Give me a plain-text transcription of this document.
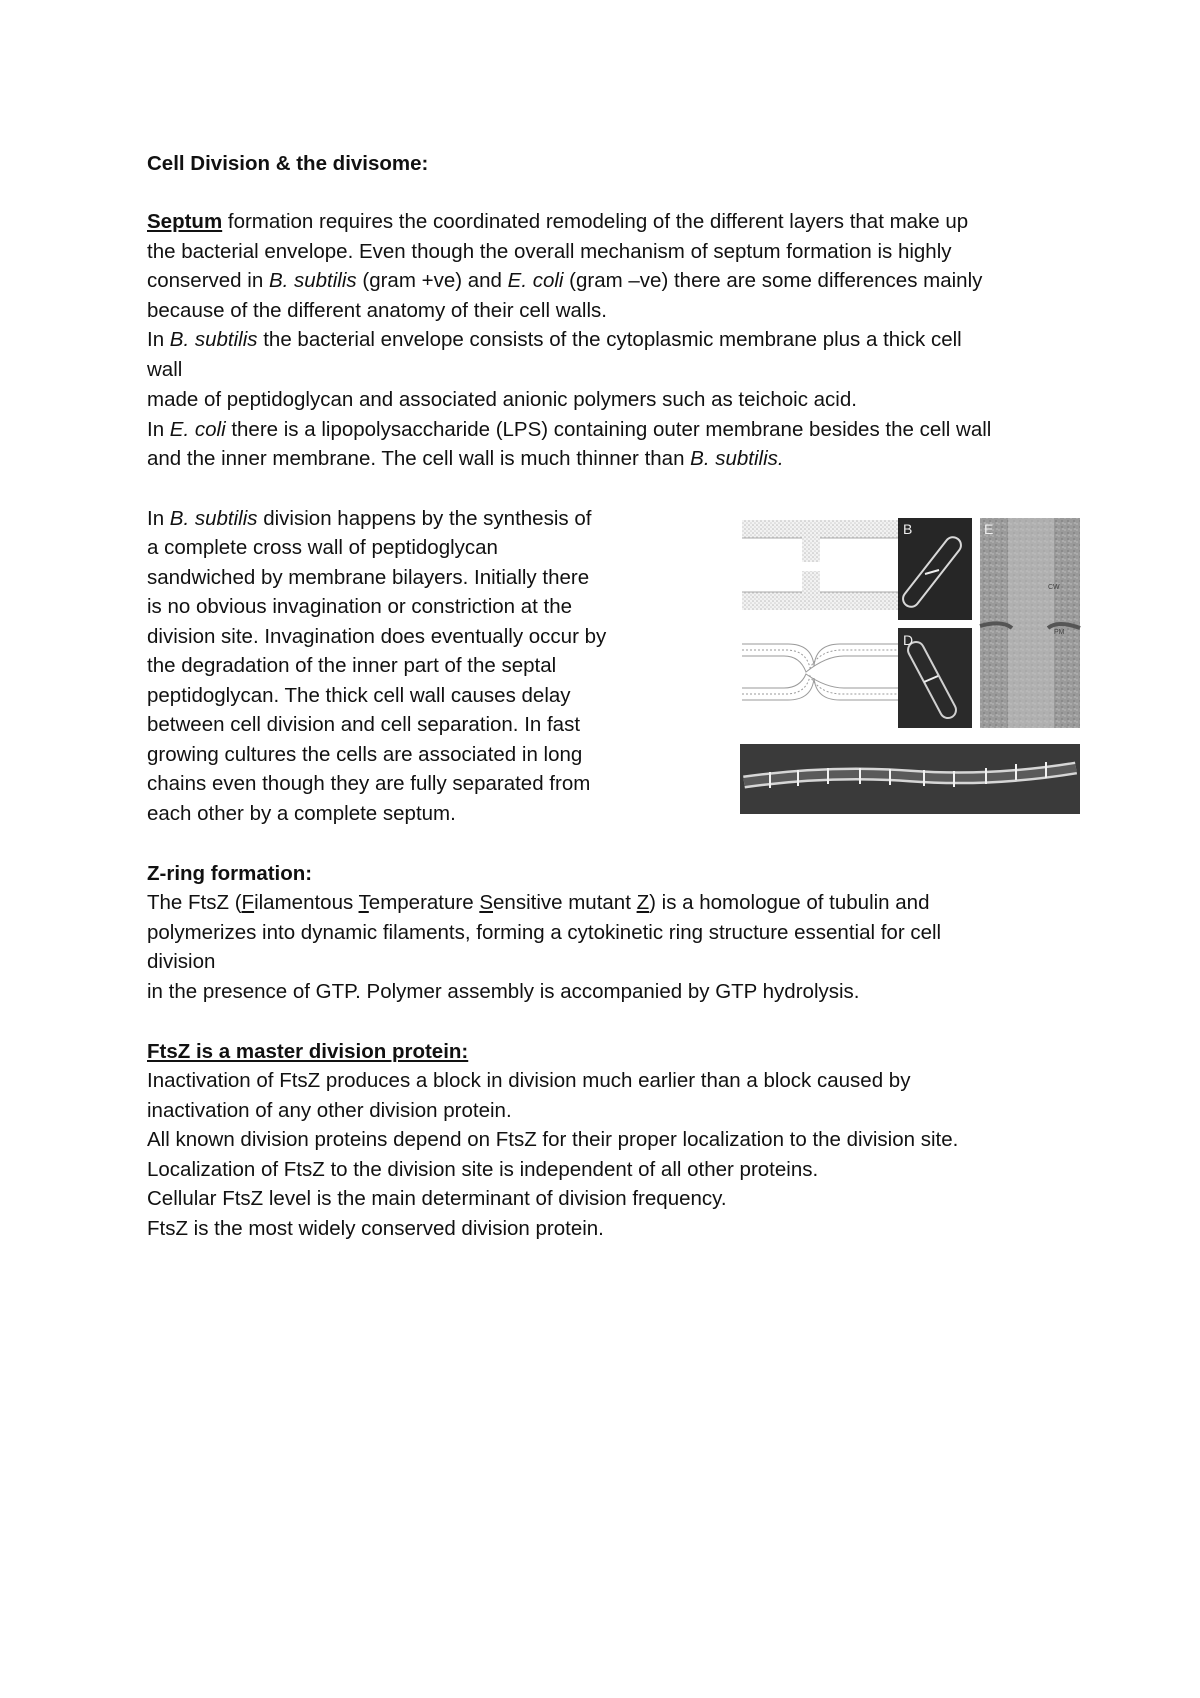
Cell Division & the divisome:
Septum formation requires the coordinated remodeling of the different layers that make up
the bacterial envelope. Even though the overall mechanism of septum formation is highly
conserved in B. subtilis (gram +ve) and E. coli (gram –ve) there are some differences mainly
because of the different anatomy of their cell walls.
In B. subtilis the bacterial envelope consists of the cytoplasmic membrane plus a thick cell
wall
made of peptidoglycan and associated anionic polymers such as teichoic acid.
In E. coli there is a lipopolysaccharide (LPS) containing outer membrane besides the cell wall
and the inner membrane. The cell wall is much thinner than B. subtilis.
In B. subtilis division happens by the synthesis of
a complete cross wall of peptidoglycan
sandwiched by membrane bilayers. Initially there
is no obvious invagination or constriction at the
division site. Invagination does eventually occur by
the degradation of the inner part of the septal
peptidoglycan. The thick cell wall causes delay
between cell division and cell separation. In fast
growing cultures the cells are associated in long
chains even though they are fully separated from
each other by a complete septum.
B
D
E
CW
PM
Z-ring formation:
The FtsZ (Filamentous Temperature Sensitive mutant Z) is a homologue of tubulin and
polymerizes into dynamic filaments, forming a cytokinetic ring structure essential for cell
division
in the presence of GTP. Polymer assembly is accompanied by GTP hydrolysis.
FtsZ is a master division protein:
Inactivation of FtsZ produces a block in division much earlier than a block caused by
inactivation of any other division protein.
All known division proteins depend on FtsZ for their proper localization to the division site.
Localization of FtsZ to the division site is independent of all other proteins.
Cellular FtsZ level is the main determinant of division frequency.
FtsZ is the most widely conserved division protein.
